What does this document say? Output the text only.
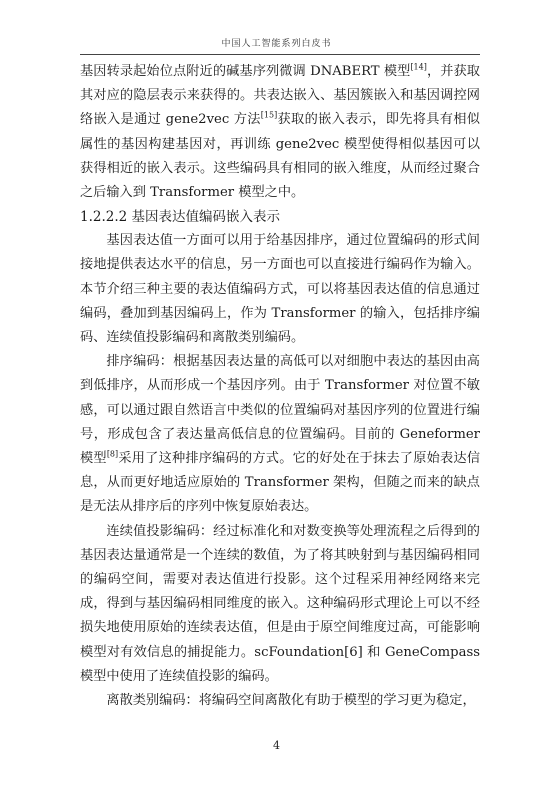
中国人工智能系列白皮书

基因转录起始位点附近的碱基序列微调 DNABERT 模型[14]，并获取其对应的隐层表示来获得的。共表达嵌入、基因簇嵌入和基因调控网络嵌入是通过 gene2vec 方法[15]获取的嵌入表示，即先将具有相似属性的基因构建基因对，再训练 gene2vec 模型使得相似基因可以获得相近的嵌入表示。这些编码具有相同的嵌入维度，从而经过聚合之后输入到 Transformer 模型之中。

1.2.2.2 基因表达值编码嵌入表示

基因表达值一方面可以用于给基因排序，通过位置编码的形式间接地提供表达水平的信息，另一方面也可以直接进行编码作为输入。本节介绍三种主要的表达值编码方式，可以将基因表达值的信息通过编码，叠加到基因编码上，作为 Transformer 的输入，包括排序编码、连续值投影编码和离散类别编码。

排序编码：根据基因表达量的高低可以对细胞中表达的基因由高到低排序，从而形成一个基因序列。由于 Transformer 对位置不敏感，可以通过跟自然语言中类似的位置编码对基因序列的位置进行编号，形成包含了表达量高低信息的位置编码。目前的 Geneformer 模型[8]采用了这种排序编码的方式。它的好处在于抹去了原始表达信息，从而更好地适应原始的 Transformer 架构，但随之而来的缺点是无法从排序后的序列中恢复原始表达。

连续值投影编码：经过标准化和对数变换等处理流程之后得到的基因表达量通常是一个连续的数值，为了将其映射到与基因编码相同的编码空间，需要对表达值进行投影。这个过程采用神经网络来完成，得到与基因编码相同维度的嵌入。这种编码形式理论上可以不经损失地使用原始的连续表达值，但是由于原空间维度过高，可能影响模型对有效信息的捕捉能力。scFoundation[6] 和 GeneCompass 模型中使用了连续值投影的编码。

离散类别编码：将编码空间离散化有助于模型的学习更为稳定，

4
